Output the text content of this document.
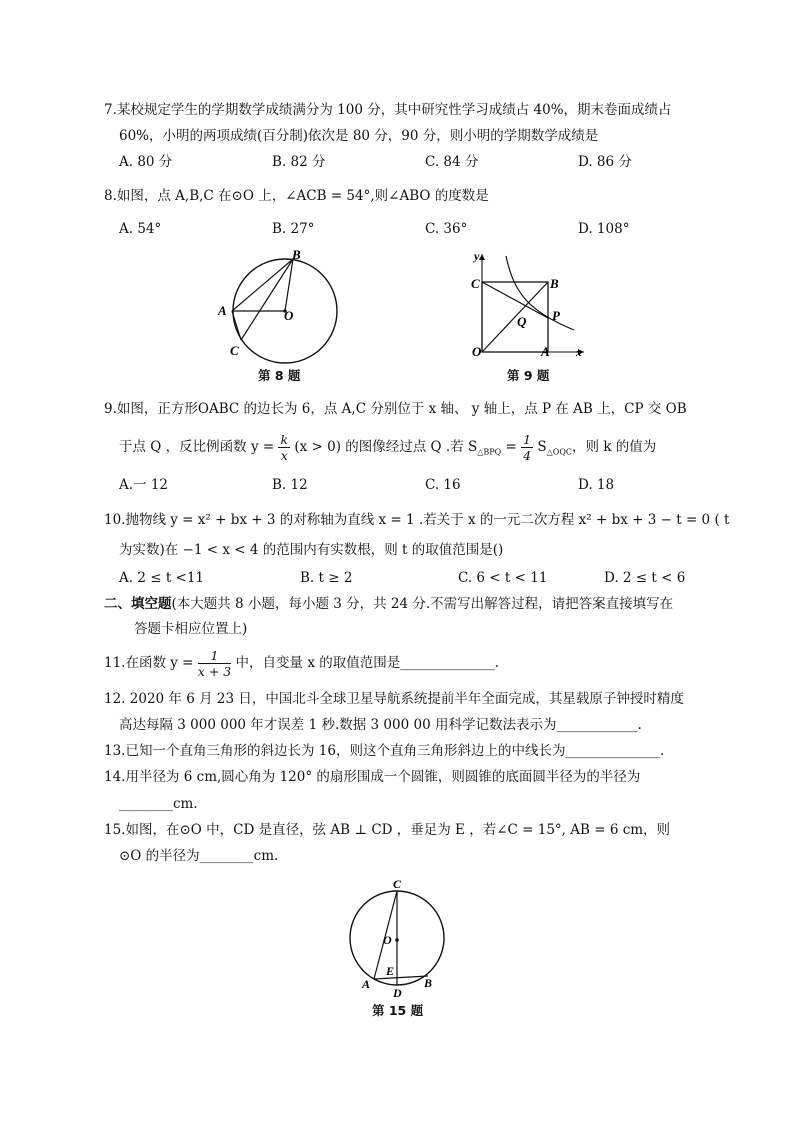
7.某校规定学生的学期数学成绩满分为 100 分，其中研究性学习成绩占 40%，期末卷面成绩占
60%，小明的两项成绩(百分制)依次是 80 分，90 分，则小明的学期数学成绩是
A. 80 分	B. 82 分	C. 84 分	D. 86 分
8.如图，点 A,B,C 在⊙O 上，∠ACB = 54°,则∠ABO 的度数是
A. 54°	B. 27°	C. 36°	D. 108°
B
A	O
C
第 8 题
y
C	B
Q P
O	A x
第 9 题
9.如图，正方形OABC 的边长为 6，点 A,C 分别位于 x 轴、 y 轴上，点 P 在 AB 上，CP 交 OB
于点 Q ，反比例函数 $y = \frac{k}{x} (x > 0)$ 的图像经过点 Q .若 $S_{\triangle BPQ} = \frac{1}{4} S_{\triangle OQC}$，则 k 的值为
A.一 12	B. 12	C. 16	D. 18
10.抛物线 y = x² + bx + 3 的对称轴为直线 x = 1 .若关于 x 的一元二次方程 x² + bx + 3 − t = 0 ( t
为实数)在 −1 < x < 4 的范围内有实数根，则 t 的取值范围是()
A. 2 ≤ t <11	B. t ≥ 2	C. 6 < t < 11	D. 2 ≤ t < 6
二、填空题(本大题共 8 小题，每小题 3 分，共 24 分.不需写出解答过程，请把答案直接填写在
答题卡相应位置上)
11.在函数 $y = \frac{1}{x + 3}$ 中，自变量 x 的取值范围是______________.
12. 2020 年 6 月 23 日，中国北斗全球卫星导航系统提前半年全面完成，其星载原子钟授时精度
高达每隔 3 000 000 年才误差 1 秒.数据 3 000 00 用科学记数法表示为____________.
13.已知一个直角三角形的斜边长为 16，则这个直角三角形斜边上的中线长为______________.
14.用半径为 6 cm,圆心角为 120° 的扇形围成一个圆锥，则圆锥的底面圆半径为的半径为
________cm.
15.如图，在⊙O 中，CD 是直径，弦 AB ⊥ CD ，垂足为 E ，若∠C = 15°, AB = 6 cm，则
⊙O 的半径为________cm.
C
O
E
A
D
B
第 15 题
